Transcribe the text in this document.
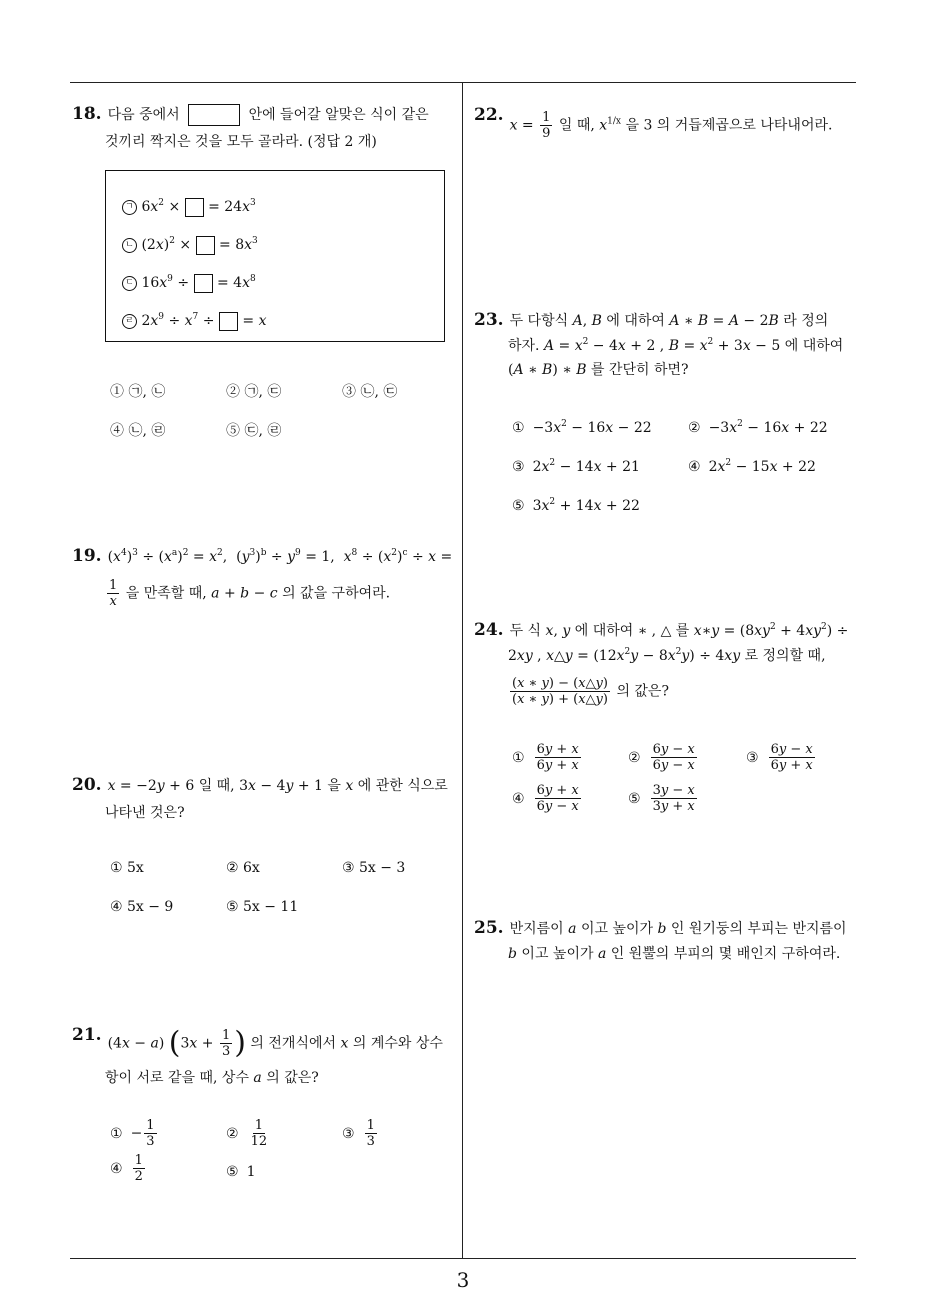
18. 다음 중에서	안에 들어갈 알맞은 식이 같은
것끼리 짝지은 것을 모두 골라라. (정답 2 개)
ㄱ $6x^2$ ×  = $24x^3$
ㄴ $(2x)^2$ ×  = $8x^3$
ㄷ $16x^9$ ÷  = $4x^8$
ㄹ $2x^9 \div x^7$ ÷  = x
① ㉠, ㉡	② ㉠, ㉢	③ ㉡, ㉢
④ ㉡, ㉣	⑤ ㉢, ㉣
19. $(x^4)^3 \div (x^a)^2 = x^2$,  $(y^3)^b \div y^9 = 1$,  $x^8 \div (x^2)^c \div x$ =
$\frac{1}{x}$ 을 만족할 때, a + b − c 의 값을 구하여라.
20. x = −2y + 6 일 때, 3x − 4y + 1 을 x 에 관한 식으로
나타낸 것은?
① 5x	② 6x	③ 5x − 3
④ 5x − 9	⑤ 5x − 11
21. (4x − a) ($3x + \frac{1}{3}$ ) 의 전개식에서 x 의 계수와 상수
항이 서로 같을 때, 상수 a 의 값은?
① − $\frac{1}{3}$	② $\frac{1}{12}$	③ $\frac{1}{3}$
④ $\frac{1}{2}$	⑤ 1
$22.x = \frac{1}{9}$ 일 때, $x^{1/x}$ 을 3 의 거듭제곱으로 나타내어라.
23. 두 다항식 A, B 에 대하여 A ∗ B = A − 2B 라 정의
하자. $A = x^2 - 4x + 2$ , $B = x^2 + 3x - 5$ 에 대하여
(A ∗ B) ∗ B 를 간단히 하면?
① $-3x^2 - 16x - 22$	② $-3x^2 - 16x + 22$
③ $2x^2 - 14x + 21$	④ $2x^2 - 15x + 22$
⑤ $3x^2 + 14x + 22$
24. 두 식 x, y 에 대하여 ∗ , △ 를 x∗y = $(8xy^2 + 4xy^2)$ ÷
2xy , x△y = $(12x^2y - 8x^2y) \div 4xy$ 로 정의할 때,
$\frac{(x ∗ y) - (x\triangle y)}{(x ∗ y) + (x\triangle y)}$ 의 값은?
① $\frac{6y + x}{6y + x}$	② $\frac{6y - x}{6y - x}$	③ $\frac{6y - x}{6y + x}$
④ $\frac{6y + x}{6y - x}$	⑤ $\frac{3y - x}{3y + x}$
25. 반지름이 a 이고 높이가 b 인 원기둥의 부피는 반지름이
b 이고 높이가 a 인 원뿔의 부피의 몇 배인지 구하여라.
3
